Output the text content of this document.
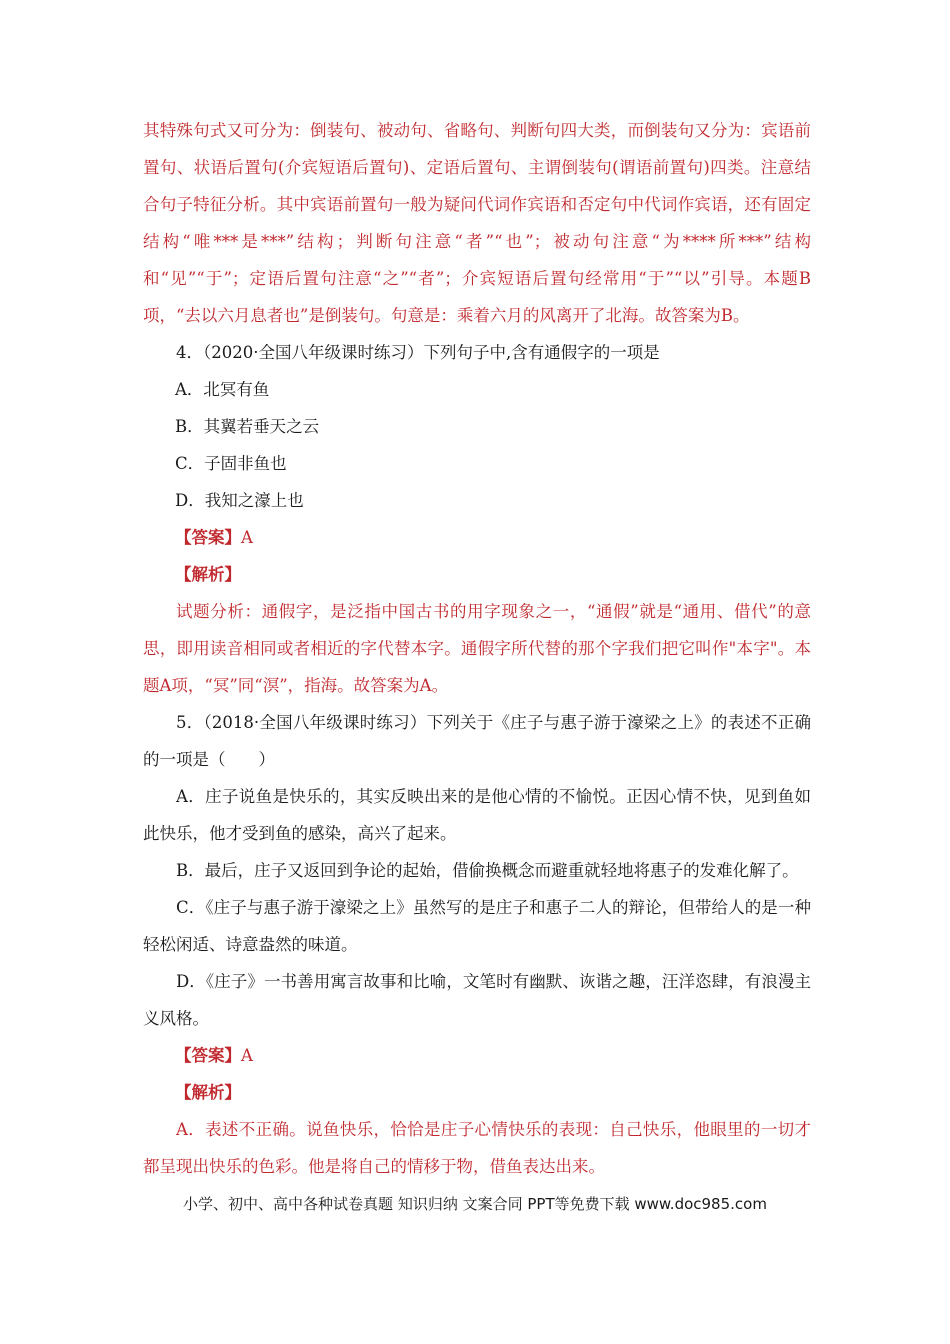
其特殊句式又可分为：倒装句、被动句、省略句、判断句四大类，而倒装句又分为：宾语前置句、状语后置句(介宾短语后置句)、定语后置句、主谓倒装句(谓语前置句)四类。注意结合句子特征分析。其中宾语前置句一般为疑问代词作宾语和否定句中代词作宾语，还有固定结构“唯***是***”结构；判断句注意“者”“也”；被动句注意“为****所***”结构和“见”“于”；定语后置句注意“之”“者”；介宾短语后置句经常用“于”“以”引导。本题B项，“去以六月息者也”是倒装句。句意是：乘着六月的风离开了北海。故答案为B。

4．（2020·全国八年级课时练习）下列句子中,含有通假字的一项是

A．北冥有鱼

B．其翼若垂天之云

C．子固非鱼也

D．我知之濠上也

【答案】A

【解析】

试题分析：通假字，是泛指中国古书的用字现象之一，“通假”就是“通用、借代”的意思，即用读音相同或者相近的字代替本字。通假字所代替的那个字我们把它叫作"本字"。本题A项，“冥”同“溟”，指海。故答案为A。

5．（2018·全国八年级课时练习）下列关于《庄子与惠子游于濠梁之上》的表述不正确的一项是（　　）

A．庄子说鱼是快乐的，其实反映出来的是他心情的不愉悦。正因心情不快，见到鱼如此快乐，他才受到鱼的感染，高兴了起来。

B．最后，庄子又返回到争论的起始，借偷换概念而避重就轻地将惠子的发难化解了。

C．《庄子与惠子游于濠梁之上》虽然写的是庄子和惠子二人的辩论，但带给人的是一种轻松闲适、诗意盎然的味道。

D．《庄子》一书善用寓言故事和比喻，文笔时有幽默、诙谐之趣，汪洋恣肆，有浪漫主义风格。

【答案】A

【解析】

A．表述不正确。说鱼快乐，恰恰是庄子心情快乐的表现：自己快乐，他眼里的一切才都呈现出快乐的色彩。他是将自己的情移于物，借鱼表达出来。

小学、初中、高中各种试卷真题 知识归纳 文案合同 PPT等免费下载 www.doc985.com
